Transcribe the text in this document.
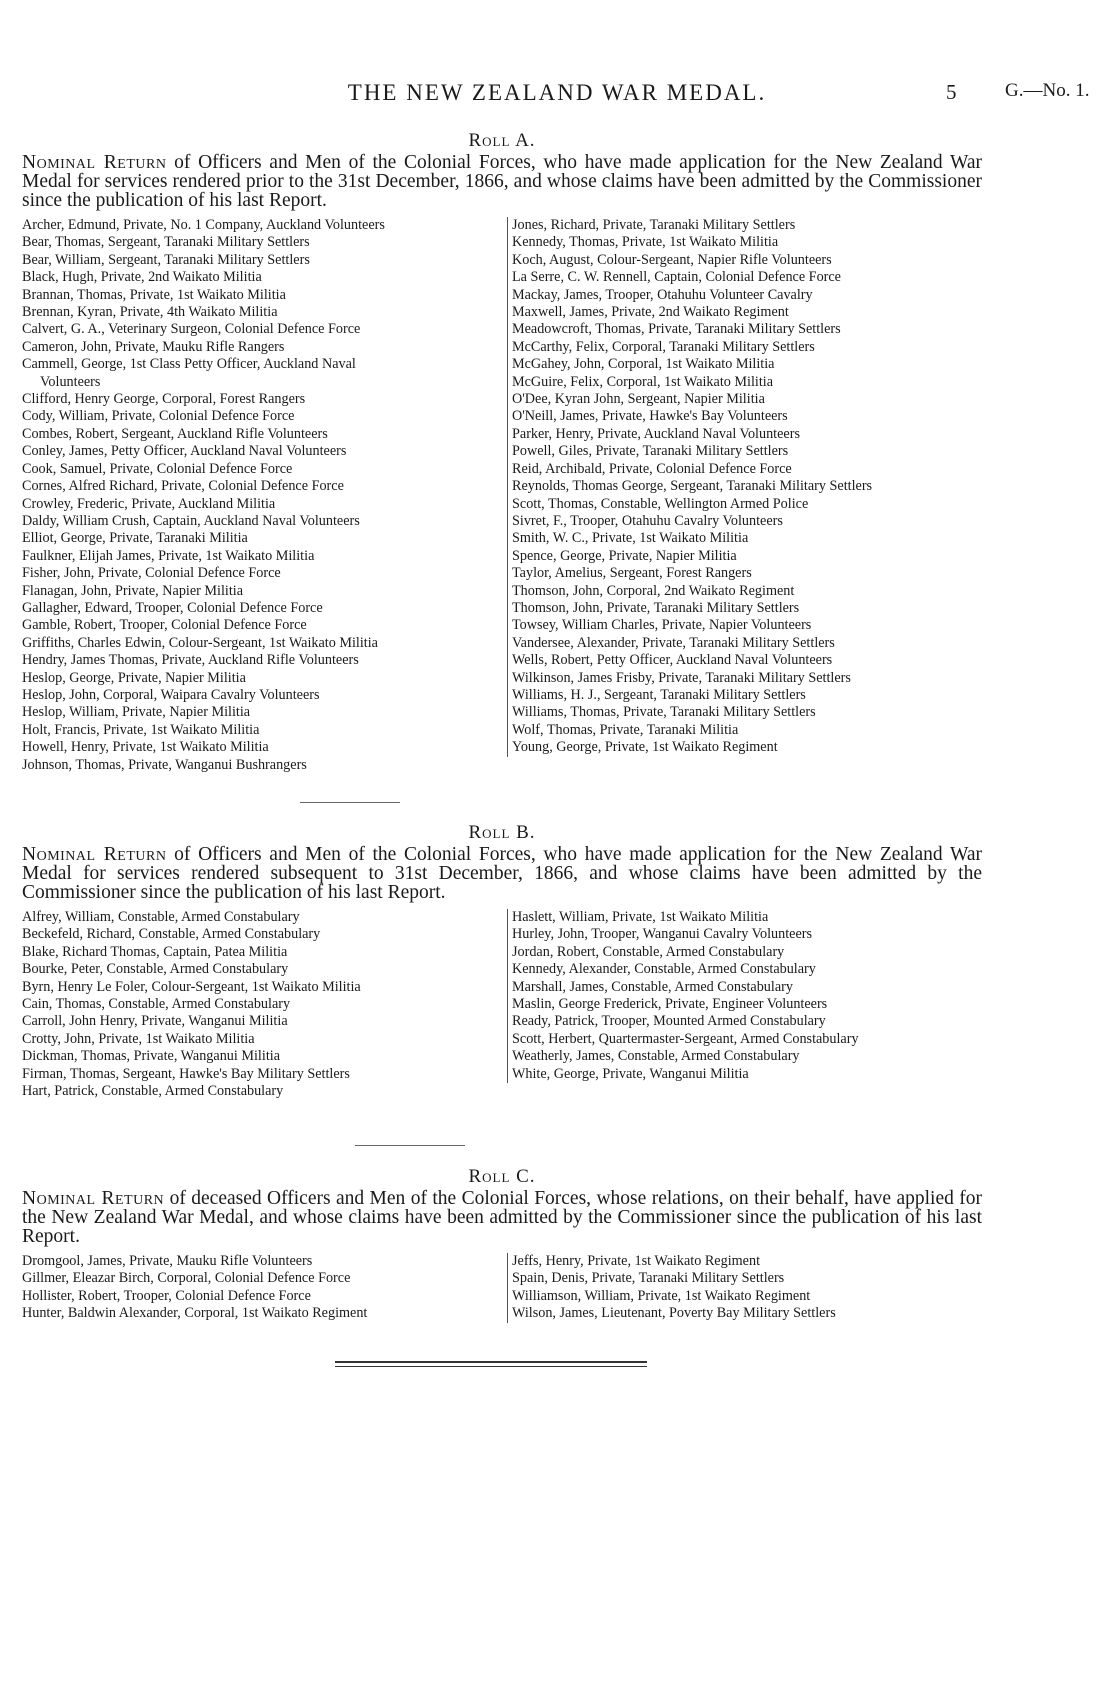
THE NEW ZEALAND WAR MEDAL.	5	G.—No. 1.
Roll A.
Nominal Return of Officers and Men of the Colonial Forces, who have made application for the New Zealand War Medal for services rendered prior to the 31st December, 1866, and whose claims have been admitted by the Commissioner since the publication of his last Report.
Archer, Edmund, Private, No. 1 Company, Auckland Volunteers
Bear, Thomas, Sergeant, Taranaki Military Settlers
Bear, William, Sergeant, Taranaki Military Settlers
Black, Hugh, Private, 2nd Waikato Militia
Brannan, Thomas, Private, 1st Waikato Militia
Brennan, Kyran, Private, 4th Waikato Militia
Calvert, G. A., Veterinary Surgeon, Colonial Defence Force
Cameron, John, Private, Mauku Rifle Rangers
Cammell, George, 1st Class Petty Officer, Auckland Naval
Volunteers
Clifford, Henry George, Corporal, Forest Rangers
Cody, William, Private, Colonial Defence Force
Combes, Robert, Sergeant, Auckland Rifle Volunteers
Conley, James, Petty Officer, Auckland Naval Volunteers
Cook, Samuel, Private, Colonial Defence Force
Cornes, Alfred Richard, Private, Colonial Defence Force
Crowley, Frederic, Private, Auckland Militia
Daldy, William Crush, Captain, Auckland Naval Volunteers
Elliot, George, Private, Taranaki Militia
Faulkner, Elijah James, Private, 1st Waikato Militia
Fisher, John, Private, Colonial Defence Force
Flanagan, John, Private, Napier Militia
Gallagher, Edward, Trooper, Colonial Defence Force
Gamble, Robert, Trooper, Colonial Defence Force
Griffiths, Charles Edwin, Colour-Sergeant, 1st Waikato Militia
Hendry, James Thomas, Private, Auckland Rifle Volunteers
Heslop, George, Private, Napier Militia
Heslop, John, Corporal, Waipara Cavalry Volunteers
Heslop, William, Private, Napier Militia
Holt, Francis, Private, 1st Waikato Militia
Howell, Henry, Private, 1st Waikato Militia
Johnson, Thomas, Private, Wanganui Bushrangers
Jones, Richard, Private, Taranaki Military Settlers
Kennedy, Thomas, Private, 1st Waikato Militia
Koch, August, Colour-Sergeant, Napier Rifle Volunteers
La Serre, C. W. Rennell, Captain, Colonial Defence Force
Mackay, James, Trooper, Otahuhu Volunteer Cavalry
Maxwell, James, Private, 2nd Waikato Regiment
Meadowcroft, Thomas, Private, Taranaki Military Settlers
McCarthy, Felix, Corporal, Taranaki Military Settlers
McGahey, John, Corporal, 1st Waikato Militia
McGuire, Felix, Corporal, 1st Waikato Militia
O'Dee, Kyran John, Sergeant, Napier Militia
O'Neill, James, Private, Hawke's Bay Volunteers
Parker, Henry, Private, Auckland Naval Volunteers
Powell, Giles, Private, Taranaki Military Settlers
Reid, Archibald, Private, Colonial Defence Force
Reynolds, Thomas George, Sergeant, Taranaki Military Settlers
Scott, Thomas, Constable, Wellington Armed Police
Sivret, F., Trooper, Otahuhu Cavalry Volunteers
Smith, W. C., Private, 1st Waikato Militia
Spence, George, Private, Napier Militia
Taylor, Amelius, Sergeant, Forest Rangers
Thomson, John, Corporal, 2nd Waikato Regiment
Thomson, John, Private, Taranaki Military Settlers
Towsey, William Charles, Private, Napier Volunteers
Vandersee, Alexander, Private, Taranaki Military Settlers
Wells, Robert, Petty Officer, Auckland Naval Volunteers
Wilkinson, James Frisby, Private, Taranaki Military Settlers
Williams, H. J., Sergeant, Taranaki Military Settlers
Williams, Thomas, Private, Taranaki Military Settlers
Wolf, Thomas, Private, Taranaki Militia
Young, George, Private, 1st Waikato Regiment
Roll B.
Nominal Return of Officers and Men of the Colonial Forces, who have made application for the New Zealand War Medal for services rendered subsequent to 31st December, 1866, and whose claims have been admitted by the Commissioner since the publication of his last Report.
Alfrey, William, Constable, Armed Constabulary
Beckefeld, Richard, Constable, Armed Constabulary
Blake, Richard Thomas, Captain, Patea Militia
Bourke, Peter, Constable, Armed Constabulary
Byrn, Henry Le Foler, Colour-Sergeant, 1st Waikato Militia
Cain, Thomas, Constable, Armed Constabulary
Carroll, John Henry, Private, Wanganui Militia
Crotty, John, Private, 1st Waikato Militia
Dickman, Thomas, Private, Wanganui Militia
Firman, Thomas, Sergeant, Hawke's Bay Military Settlers
Hart, Patrick, Constable, Armed Constabulary
Haslett, William, Private, 1st Waikato Militia
Hurley, John, Trooper, Wanganui Cavalry Volunteers
Jordan, Robert, Constable, Armed Constabulary
Kennedy, Alexander, Constable, Armed Constabulary
Marshall, James, Constable, Armed Constabulary
Maslin, George Frederick, Private, Engineer Volunteers
Ready, Patrick, Trooper, Mounted Armed Constabulary
Scott, Herbert, Quartermaster-Sergeant, Armed Constabulary
Weatherly, James, Constable, Armed Constabulary
White, George, Private, Wanganui Militia
Roll C.
Nominal Return of deceased Officers and Men of the Colonial Forces, whose relations, on their behalf, have applied for the New Zealand War Medal, and whose claims have been admitted by the Commissioner since the publication of his last Report.
Dromgool, James, Private, Mauku Rifle Volunteers
Gillmer, Eleazar Birch, Corporal, Colonial Defence Force
Hollister, Robert, Trooper, Colonial Defence Force
Hunter, Baldwin Alexander, Corporal, 1st Waikato Regiment
Jeffs, Henry, Private, 1st Waikato Regiment
Spain, Denis, Private, Taranaki Military Settlers
Williamson, William, Private, 1st Waikato Regiment
Wilson, James, Lieutenant, Poverty Bay Military Settlers
